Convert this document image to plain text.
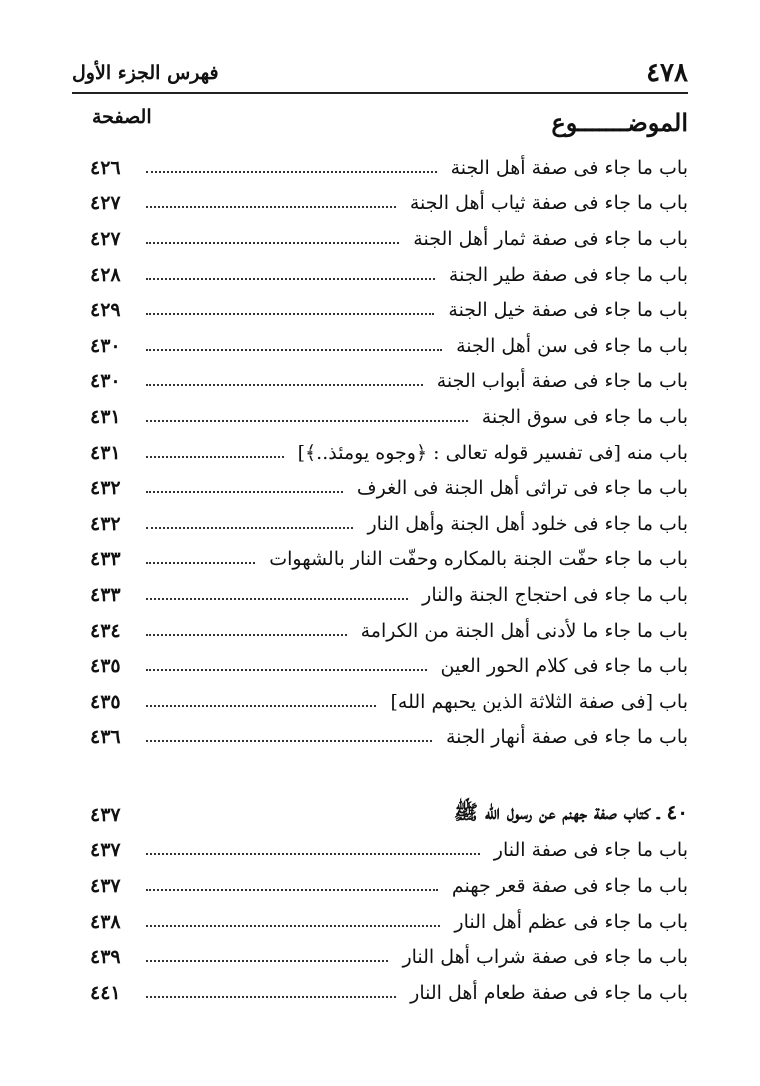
٤٧٨
فهرس الجزء الأول
الموضـــــــوع
الصفحة
باب ما جاء فى صفة أهل الجنة
٤٢٦
باب ما جاء فى صفة ثياب أهل الجنة
٤٢٧
باب ما جاء فى صفة ثمار أهل الجنة
٤٢٧
باب ما جاء فى صفة طير الجنة
٤٢٨
باب ما جاء فى صفة خيل الجنة
٤٢٩
باب ما جاء فى سن أهل الجنة
٤٣٠
باب ما جاء فى صفة أبواب الجنة
٤٣٠
باب ما جاء فى سوق الجنة
٤٣١
باب منه [فى تفسير قوله تعالى : ﴿وجوه يومئذ..﴾]
٤٣١
باب ما جاء فى تراثى أهل الجنة فى الغرف
٤٣٢
باب ما جاء فى خلود أهل الجنة وأهل النار
٤٣٢
باب ما جاء حفّت الجنة بالمكاره وحفّت النار بالشهوات
٤٣٣
باب ما جاء فى احتجاج الجنة والنار
٤٣٣
باب ما جاء ما لأدنى أهل الجنة من الكرامة
٤٣٤
باب ما جاء فى كلام الحور العين
٤٣٥
باب [فى صفة الثلاثة الذين يحبهم الله]
٤٣٥
باب ما جاء فى صفة أنهار الجنة
٤٣٦
٤٠ ـ كتاب صفة جهنم عن رسول الله ﷺ
٤٣٧
باب ما جاء فى صفة النار
٤٣٧
باب ما جاء فى صفة قعر جهنم
٤٣٧
باب ما جاء فى عظم أهل النار
٤٣٨
باب ما جاء فى صفة شراب أهل النار
٤٣٩
باب ما جاء فى صفة طعام أهل النار
٤٤١
